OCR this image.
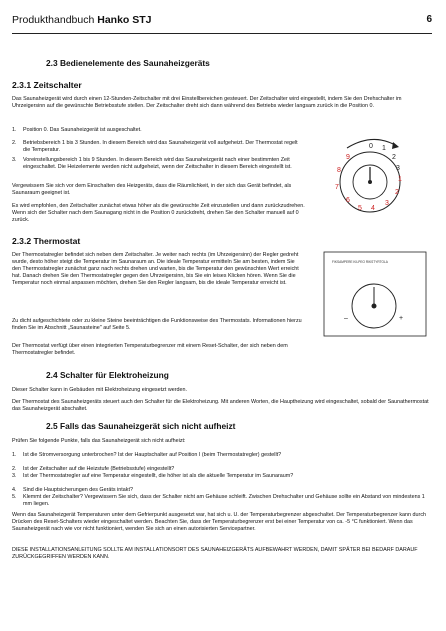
Produkthandbuch Hanko STJ	6
2.3 Bedienelemente des Saunaheizgeräts
2.3.1 Zeitschalter
Das Saunaheizgerät wird durch einen 12-Stunden-Zeitschalter mit drei Einstellbereichen gesteuert. Der Zeitschalter wird eingestellt, indem Sie den Drehschalter im Uhrzeigersinn auf die gewünschte Betriebsstufe stellen. Der Zeitschalter dreht sich dann während des Betriebs wieder langsam zurück in die Position 0.
1. Position 0. Das Saunaheizgerät ist ausgeschaltet.
2. Betriebsbereich 1 bis 3 Stunden. In diesem Bereich wird das Saunaheizgerät voll aufgeheizt. Der Thermostat regelt die Temperatur.
3. Voreinstellungsbereich 1 bis 9 Stunden. In diesem Bereich wird das Saunaheizgerät nach einer bestimmten Zeit eingeschaltet. Die Heizelemente werden nicht aufgeheizt, wenn der Zeitschalter in diesem Bereich eingestellt ist.
Vergewissern Sie sich vor dem Einschalten des Heizgeräts, dass die Räumlichkeit, in der sich das Gerät befindet, als Saunaraum geeignet ist.
Es wird empfohlen, den Zeitschalter zunächst etwas höher als die gewünschte Zeit einzustellen und dann zurückzudrehen. Wenn sich der Schalter nach dem Saunagang nicht in die Position 0 zurückdreht, drehen Sie den Schalter manuell auf 0 zurück.
0 1
2
3
1
2
3
4
5
6
7
8
9
2.3.2 Thermostat
Der Thermostatregler befindet sich neben dem Zeitschalter. Je weiter nach rechts (im Uhrzeigersinn) der Regler gedreht wurde, desto höher steigt die Temperatur im Saunaraum an. Die ideale Temperatur ermitteln Sie am besten, indem Sie den Thermostatregler zunächst ganz nach rechts drehen und warten, bis die Temperatur den gewünschten Wert erreicht hat. Danach drehen Sie den Thermostatregler gegen den Uhrzeigersinn, bis Sie ein leises Klicken hören. Wenn Sie die Temperatur noch einmal anpassen möchten, drehen Sie den Regler langsam, bis die ideale Temperatur erreicht ist.
Zu dicht aufgeschichtete oder zu kleine Steine beeinträchtigen die Funktionsweise des Thermostats. Informationen hierzu finden Sie im Abschnitt „Saunasteine" auf Seite 5.
Der Thermostat verfügt über einen integrierten Temperaturbegrenzer mit einem Reset-Schalter, der sich neben dem Thermostatregler befindet.
FIKSAMPERE KILPEO RIKSTYRTOLA
–	+
2.4 Schalter für Elektroheizung
Dieser Schalter kann in Gebäuden mit Elektroheizung eingesetzt werden.
Der Thermostat des Saunaheizgeräts steuert auch den Schalter für die Elektroheizung. Mit anderen Worten, die Hauptheizung wird eingeschaltet, sobald der Saunathermostat das Saunaheizgerät abschaltet.
2.5 Falls das Saunaheizgerät sich nicht aufheizt
Prüfen Sie folgende Punkte, falls das Saunaheizgerät sich nicht aufheizt:
1. Ist die Stromversorgung unterbrochen? Ist der Hauptschalter auf Position I (beim Thermostatregler) gestellt?
2. Ist der Zeitschalter auf die Heizstufe (Betriebsstufe) eingestellt?
3. Ist der Thermostatregler auf eine Temperatur eingestellt, die höher ist als die aktuelle Temperatur im Saunaraum?
4. Sind die Hauptsicherungen des Geräts intakt?
5. Klemmt der Zeitschalter? Vergewissern Sie sich, dass der Schalter nicht am Gehäuse schleift. Zwischen Drehschalter und Gehäuse sollte ein Abstand von mindestens 1 mm liegen.
Wenn das Saunaheizgerät Temperaturen unter dem Gefrierpunkt ausgesetzt war, hat sich u. U. der Temperaturbegrenzer abgeschaltet. Der Temperaturbegrenzer kann durch Drücken des Reset-Schalters wieder eingeschaltet werden. Beachten Sie, dass der Temperaturbegrenzer erst bei einer Temperatur von ca. -5 °C funktioniert. Wenn das Saunaheizgerät nach wie vor nicht funktioniert, wenden Sie sich an einen autorisierten Servicepartner.
DIESE INSTALLATIONSANLEITUNG SOLLTE AM INSTALLATIONSORT DES SAUNAHEIZGERÄTS AUFBEWAHRT WERDEN, DAMIT SPÄTER BEI BEDARF DARAUF ZURÜCKGEGRIFFEN WERDEN KANN.
